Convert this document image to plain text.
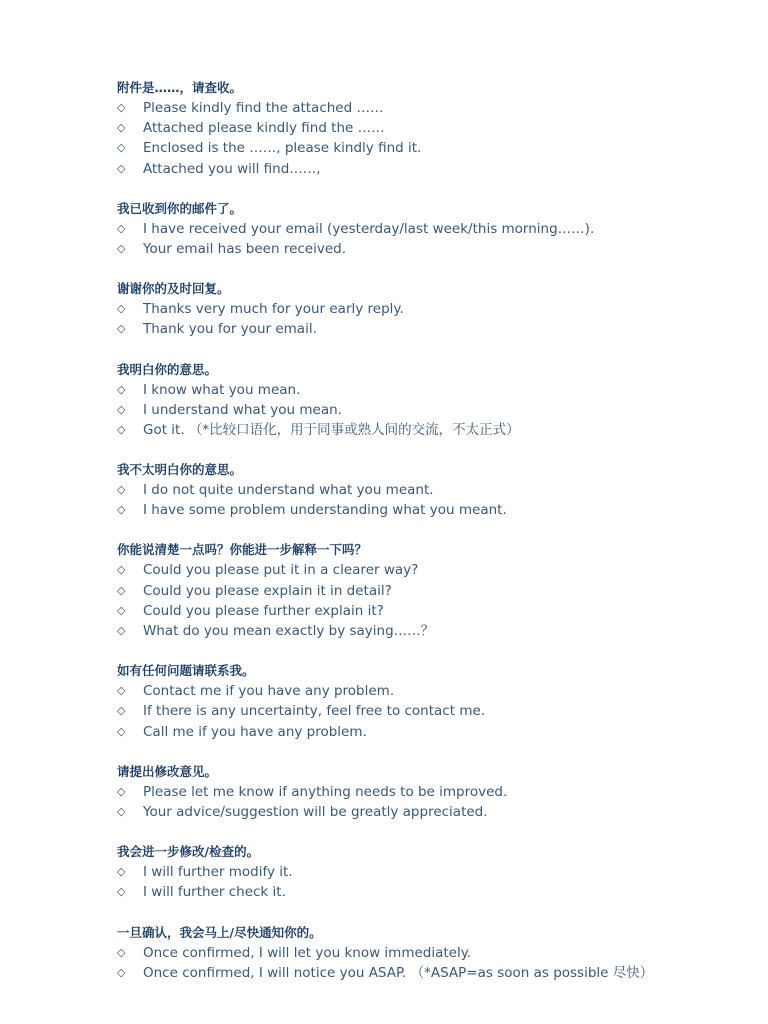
附件是……，请查收。
◇	Please kindly find the attached ……
◇	Attached please kindly find the ……
◇	Enclosed is the ……, please kindly find it.
◇	Attached you will find……,
我已收到你的邮件了。
◇	I have received your email (yesterday/last week/this morning……).
◇	Your email has been received.
谢谢你的及时回复。
◇	Thanks very much for your early reply.
◇	Thank you for your email.
我明白你的意思。
◇	I know what you mean.
◇	I understand what you mean.
◇	Got it. （*比较口语化，用于同事或熟人间的交流，不太正式）
我不太明白你的意思。
◇	I do not quite understand what you meant.
◇	I have some problem understanding what you meant.
你能说清楚一点吗？你能进一步解释一下吗？
◇	Could you please put it in a clearer way?
◇	Could you please explain it in detail?
◇	Could you please further explain it?
◇	What do you mean exactly by saying……？
如有任何问题请联系我。
◇	Contact me if you have any problem.
◇	If there is any uncertainty, feel free to contact me.
◇	Call me if you have any problem.
请提出修改意见。
◇	Please let me know if anything needs to be improved.
◇	Your advice/suggestion will be greatly appreciated.
我会进一步修改/检查的。
◇	I will further modify it.
◇	I will further check it.
一旦确认，我会马上/尽快通知你的。
◇	Once confirmed, I will let you know immediately.
◇	Once confirmed, I will notice you ASAP. （*ASAP=as soon as possible 尽快）
